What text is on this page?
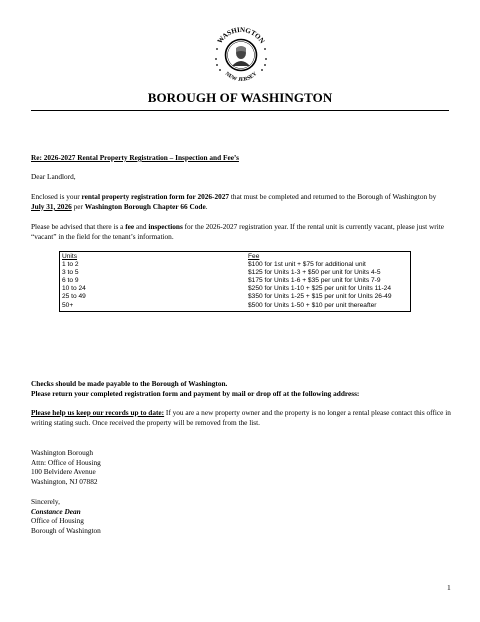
WASHINGTON
NEW JERSEY
BOROUGH OF WASHINGTON
Re: 2026-2027 Rental Property Registration – Inspection and Fee’s
Dear Landlord,
Enclosed is your rental property registration form for 2026-2027 that must be completed and returned to the Borough of Washington by July 31, 2026 per Washington Borough Chapter 66 Code.
Please be advised that there is a fee and inspections for the 2026-2027 registration year. If the rental unit is currently vacant, please just write “vacant” in the field for the tenant’s information.
Units	Fee
1 to 2	$100 for 1st unit + $75 for additional unit
3 to 5	$125 for Units 1-3 + $50 per unit for Units 4-5
6 to 9	$175 for Units 1-6 + $35 per unit for Units 7-9
10 to 24	$250 for Units 1-10 + $25 per unit for Units 11-24
25 to 49	$350 for Units 1-25 + $15 per unit for Units 26-49
50+	$500 for Units 1-50 + $10 per unit thereafter
Checks should be made payable to the Borough of Washington.
Please return your completed registration form and payment by mail or drop off at the following address:
Please help us keep our records up to date: If you are a new property owner and the property is no longer a rental please contact this office in writing stating such. Once received the property will be removed from the list.
Washington Borough
Attn: Office of Housing
100 Belvidere Avenue
Washington, NJ 07882
Sincerely,
Constance Dean
Office of Housing
Borough of Washington
1
